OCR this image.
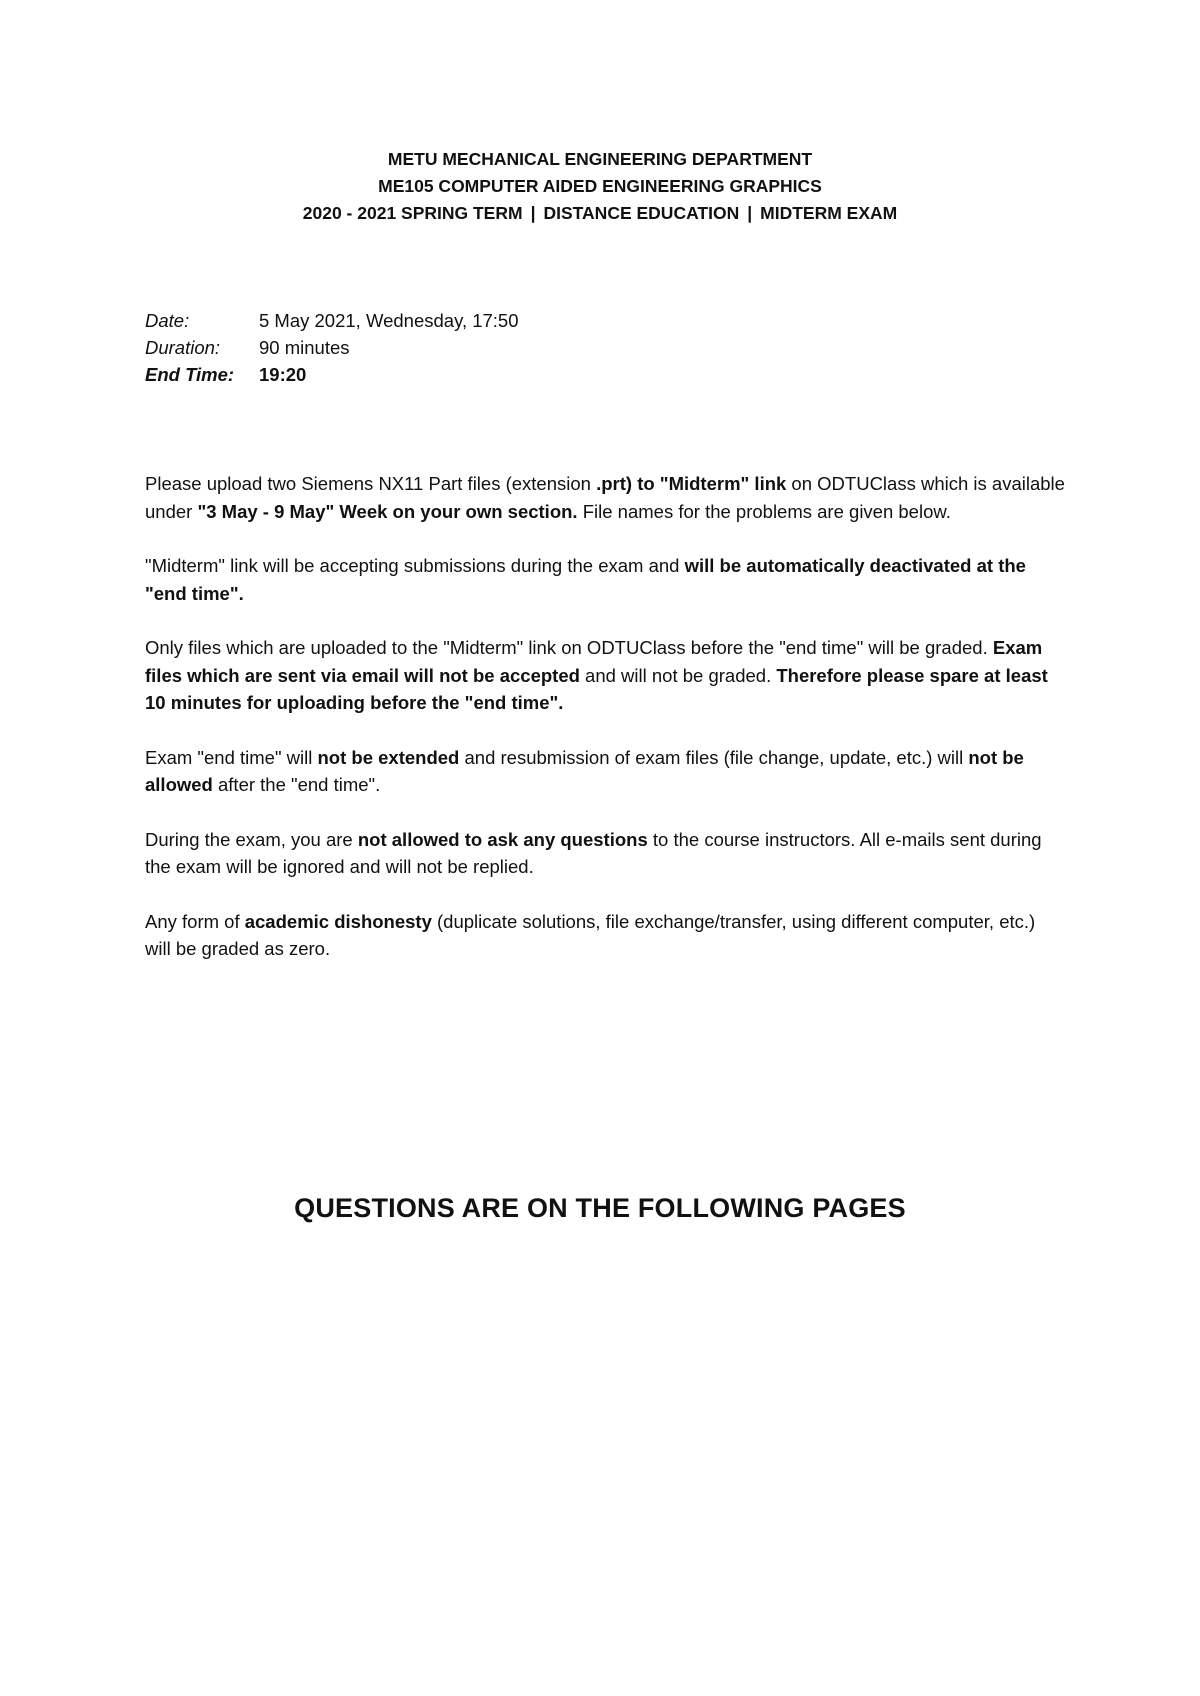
METU MECHANICAL ENGINEERING DEPARTMENT
ME105 COMPUTER AIDED ENGINEERING GRAPHICS
2020 - 2021 SPRING TERM | DISTANCE EDUCATION | MIDTERM EXAM
Date:	5 May 2021, Wednesday, 17:50
Duration:	90 minutes
End Time:	19:20

Please upload two Siemens NX11 Part files (extension .prt) to "Midterm" link on ODTUClass which is available under "3 May - 9 May" Week on your own section. File names for the problems are given below.

"Midterm" link will be accepting submissions during the exam and will be automatically deactivated at the "end time".

Only files which are uploaded to the "Midterm" link on ODTUClass before the "end time" will be graded. Exam files which are sent via email will not be accepted and will not be graded. Therefore please spare at least 10 minutes for uploading before the "end time".

Exam "end time" will not be extended and resubmission of exam files (file change, update, etc.) will not be allowed after the "end time".

During the exam, you are not allowed to ask any questions to the course instructors. All e-mails sent during the exam will be ignored and will not be replied.

Any form of academic dishonesty (duplicate solutions, file exchange/transfer, using different computer, etc.) will be graded as zero.

QUESTIONS ARE ON THE FOLLOWING PAGES
